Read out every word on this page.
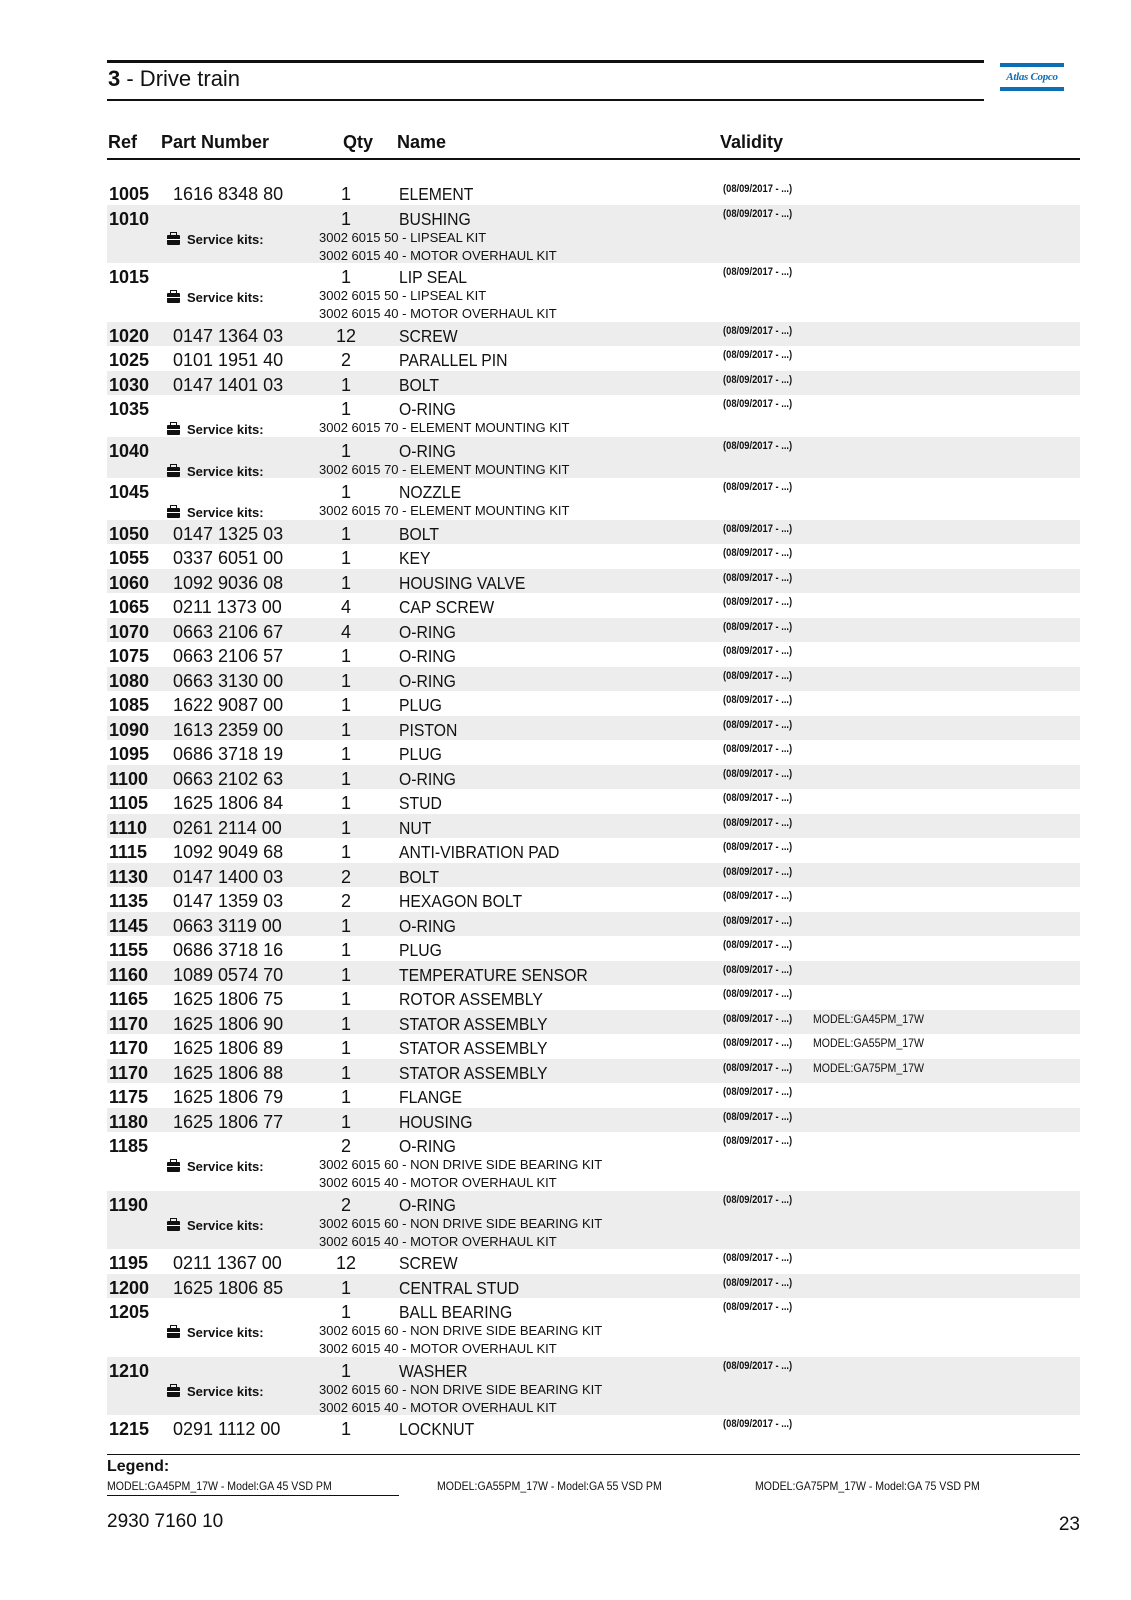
3 - Drive train	Atlas Copco
Ref Part Number	Qty Name	Validity
1005 1616 8348 80	1	ELEMENT	(08/09/2017 - ...)
1010	1	BUSHING	(08/09/2017 - ...)
Service kits:	3002 6015 50 - LIPSEAL KIT
3002 6015 40 - MOTOR OVERHAUL KIT
1015	1	LIP SEAL	(08/09/2017 - ...)
Service kits:	3002 6015 50 - LIPSEAL KIT
3002 6015 40 - MOTOR OVERHAUL KIT
1020 0147 1364 03	12	SCREW	(08/09/2017 - ...)
1025 0101 1951 40	2	PARALLEL PIN	(08/09/2017 - ...)
1030 0147 1401 03	1	BOLT	(08/09/2017 - ...)
1035	1	O-RING	(08/09/2017 - ...)
Service kits:	3002 6015 70 - ELEMENT MOUNTING KIT
1040	1	O-RING	(08/09/2017 - ...)
Service kits:	3002 6015 70 - ELEMENT MOUNTING KIT
1045	1	NOZZLE	(08/09/2017 - ...)
Service kits:	3002 6015 70 - ELEMENT MOUNTING KIT
1050 0147 1325 03	1	BOLT	(08/09/2017 - ...)
1055 0337 6051 00	1	KEY	(08/09/2017 - ...)
1060 1092 9036 08	1	HOUSING VALVE	(08/09/2017 - ...)
1065 0211 1373 00	4	CAP SCREW	(08/09/2017 - ...)
1070 0663 2106 67	4	O-RING	(08/09/2017 - ...)
1075 0663 2106 57	1	O-RING	(08/09/2017 - ...)
1080 0663 3130 00	1	O-RING	(08/09/2017 - ...)
1085 1622 9087 00	1	PLUG	(08/09/2017 - ...)
1090 1613 2359 00	1	PISTON	(08/09/2017 - ...)
1095 0686 3718 19	1	PLUG	(08/09/2017 - ...)
1100 0663 2102 63	1	O-RING	(08/09/2017 - ...)
1105 1625 1806 84	1	STUD	(08/09/2017 - ...)
1110 0261 2114 00	1	NUT	(08/09/2017 - ...)
1115 1092 9049 68	1	ANTI-VIBRATION PAD	(08/09/2017 - ...)
1130 0147 1400 03	2	BOLT	(08/09/2017 - ...)
1135 0147 1359 03	2	HEXAGON BOLT	(08/09/2017 - ...)
1145 0663 3119 00	1	O-RING	(08/09/2017 - ...)
1155 0686 3718 16	1	PLUG	(08/09/2017 - ...)
1160 1089 0574 70	1	TEMPERATURE SENSOR	(08/09/2017 - ...)
1165 1625 1806 75	1	ROTOR ASSEMBLY	(08/09/2017 - ...)
1170 1625 1806 90	1	STATOR ASSEMBLY	(08/09/2017 - ...) MODEL:GA45PM_17W
1170 1625 1806 89	1	STATOR ASSEMBLY	(08/09/2017 - ...) MODEL:GA55PM_17W
1170 1625 1806 88	1	STATOR ASSEMBLY	(08/09/2017 - ...) MODEL:GA75PM_17W
1175 1625 1806 79	1	FLANGE	(08/09/2017 - ...)
1180 1625 1806 77	1	HOUSING	(08/09/2017 - ...)
1185	2	O-RING	(08/09/2017 - ...)
Service kits:	3002 6015 60 - NON DRIVE SIDE BEARING KIT
3002 6015 40 - MOTOR OVERHAUL KIT
1190	2	O-RING	(08/09/2017 - ...)
Service kits:	3002 6015 60 - NON DRIVE SIDE BEARING KIT
3002 6015 40 - MOTOR OVERHAUL KIT
1195 0211 1367 00	12	SCREW	(08/09/2017 - ...)
1200 1625 1806 85	1	CENTRAL STUD	(08/09/2017 - ...)
1205	1	BALL BEARING	(08/09/2017 - ...)
Service kits:	3002 6015 60 - NON DRIVE SIDE BEARING KIT
3002 6015 40 - MOTOR OVERHAUL KIT
1210	1	WASHER	(08/09/2017 - ...)
Service kits:	3002 6015 60 - NON DRIVE SIDE BEARING KIT
3002 6015 40 - MOTOR OVERHAUL KIT
1215 0291 1112 00	1	LOCKNUT	(08/09/2017 - ...)
Legend:
MODEL:GA45PM_17W - Model:GA 45 VSD PM	MODEL:GA55PM_17W - Model:GA 55 VSD PM	MODEL:GA75PM_17W - Model:GA 75 VSD PM
2930 7160 10	23
